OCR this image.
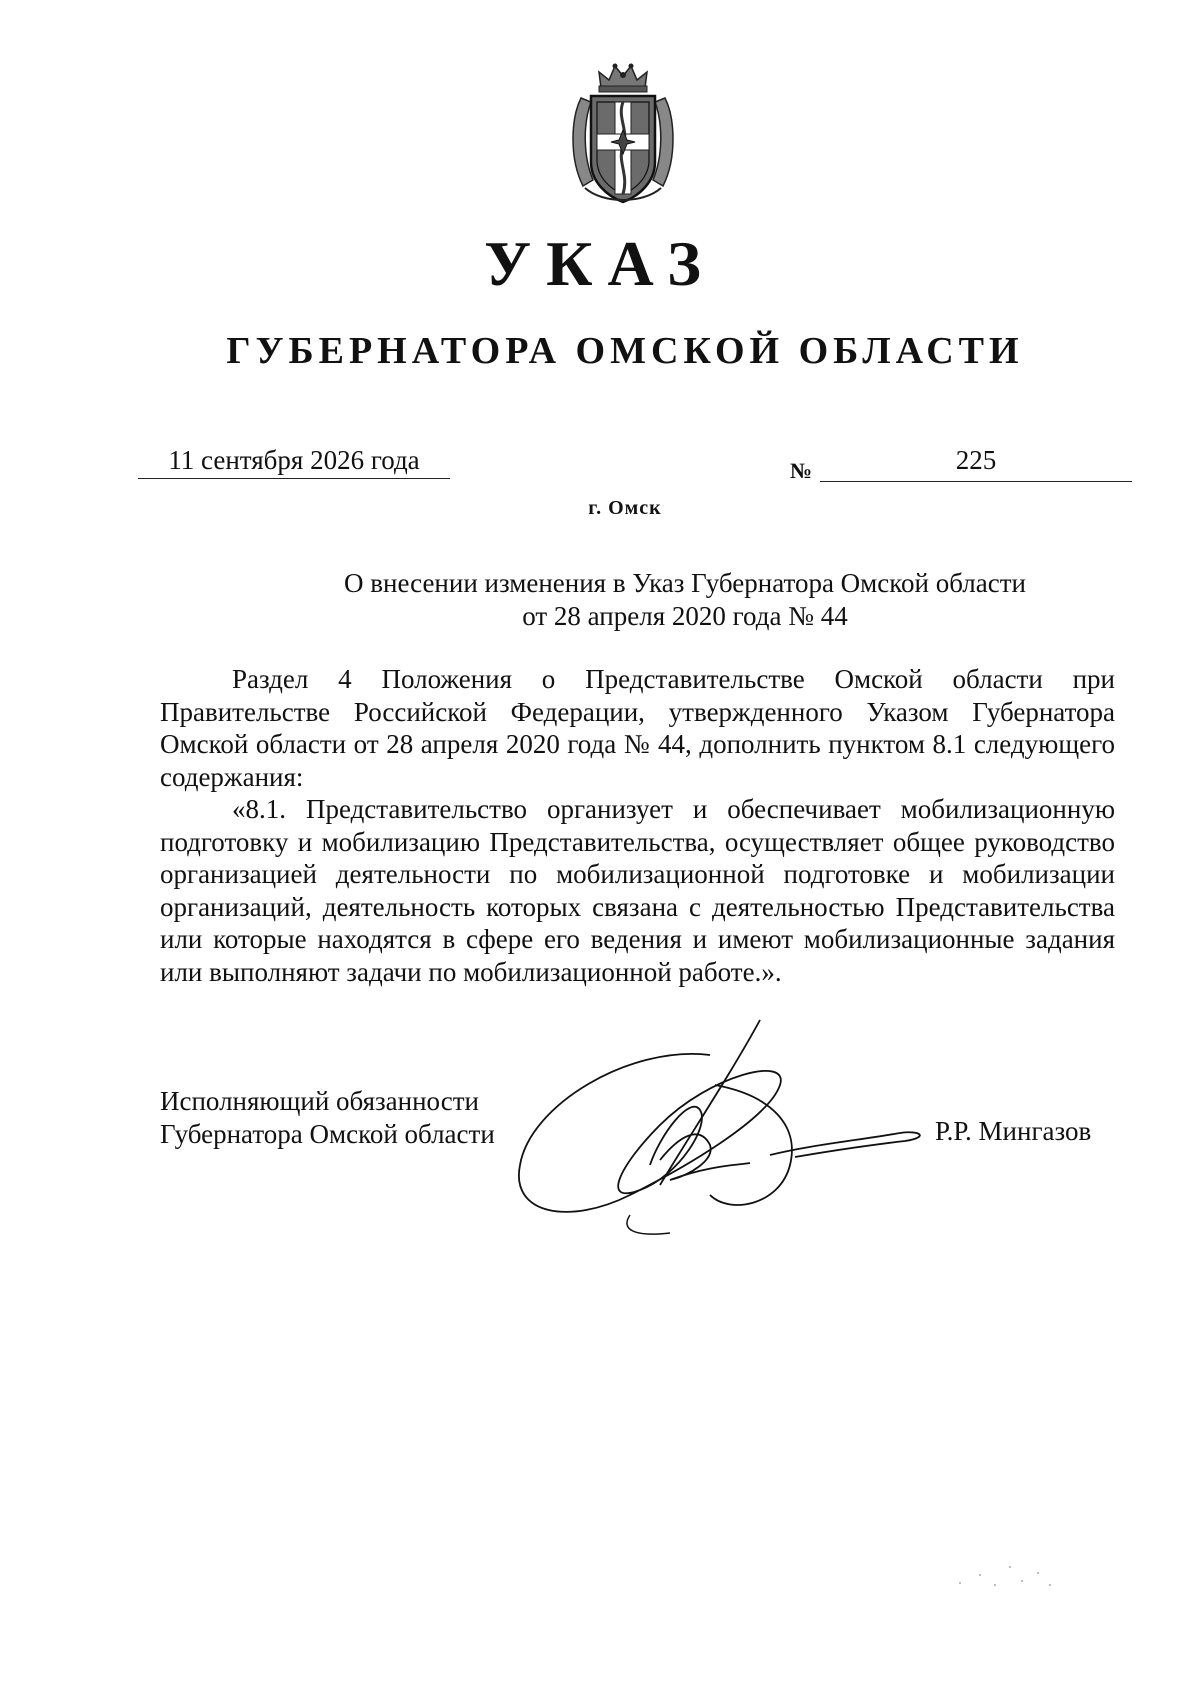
УКАЗ
ГУБЕРНАТОРА ОМСКОЙ ОБЛАСТИ
11 сентября 2026 года	№	225
г. Омск
О внесении изменения в Указ Губернатора Омской области
от 28 апреля 2020 года № 44

Раздел 4 Положения о Представительстве Омской области при Правительстве Российской Федерации, утвержденного Указом Губернатора Омской области от 28 апреля 2020 года № 44, дополнить пунктом 8.1 следующего содержания:

«8.1. Представительство организует и обеспечивает мобилизационную подготовку и мобилизацию Представительства, осуществляет общее руководство организацией деятельности по мобилизационной подготовке и мобилизации организаций, деятельность которых связана с деятельностью Представительства или которые находятся в сфере его ведения и имеют мобилизационные задания или выполняют задачи по мобилизационной работе.».

Исполняющий обязанности
Губернатора Омской области	Р.Р. Мингазов
